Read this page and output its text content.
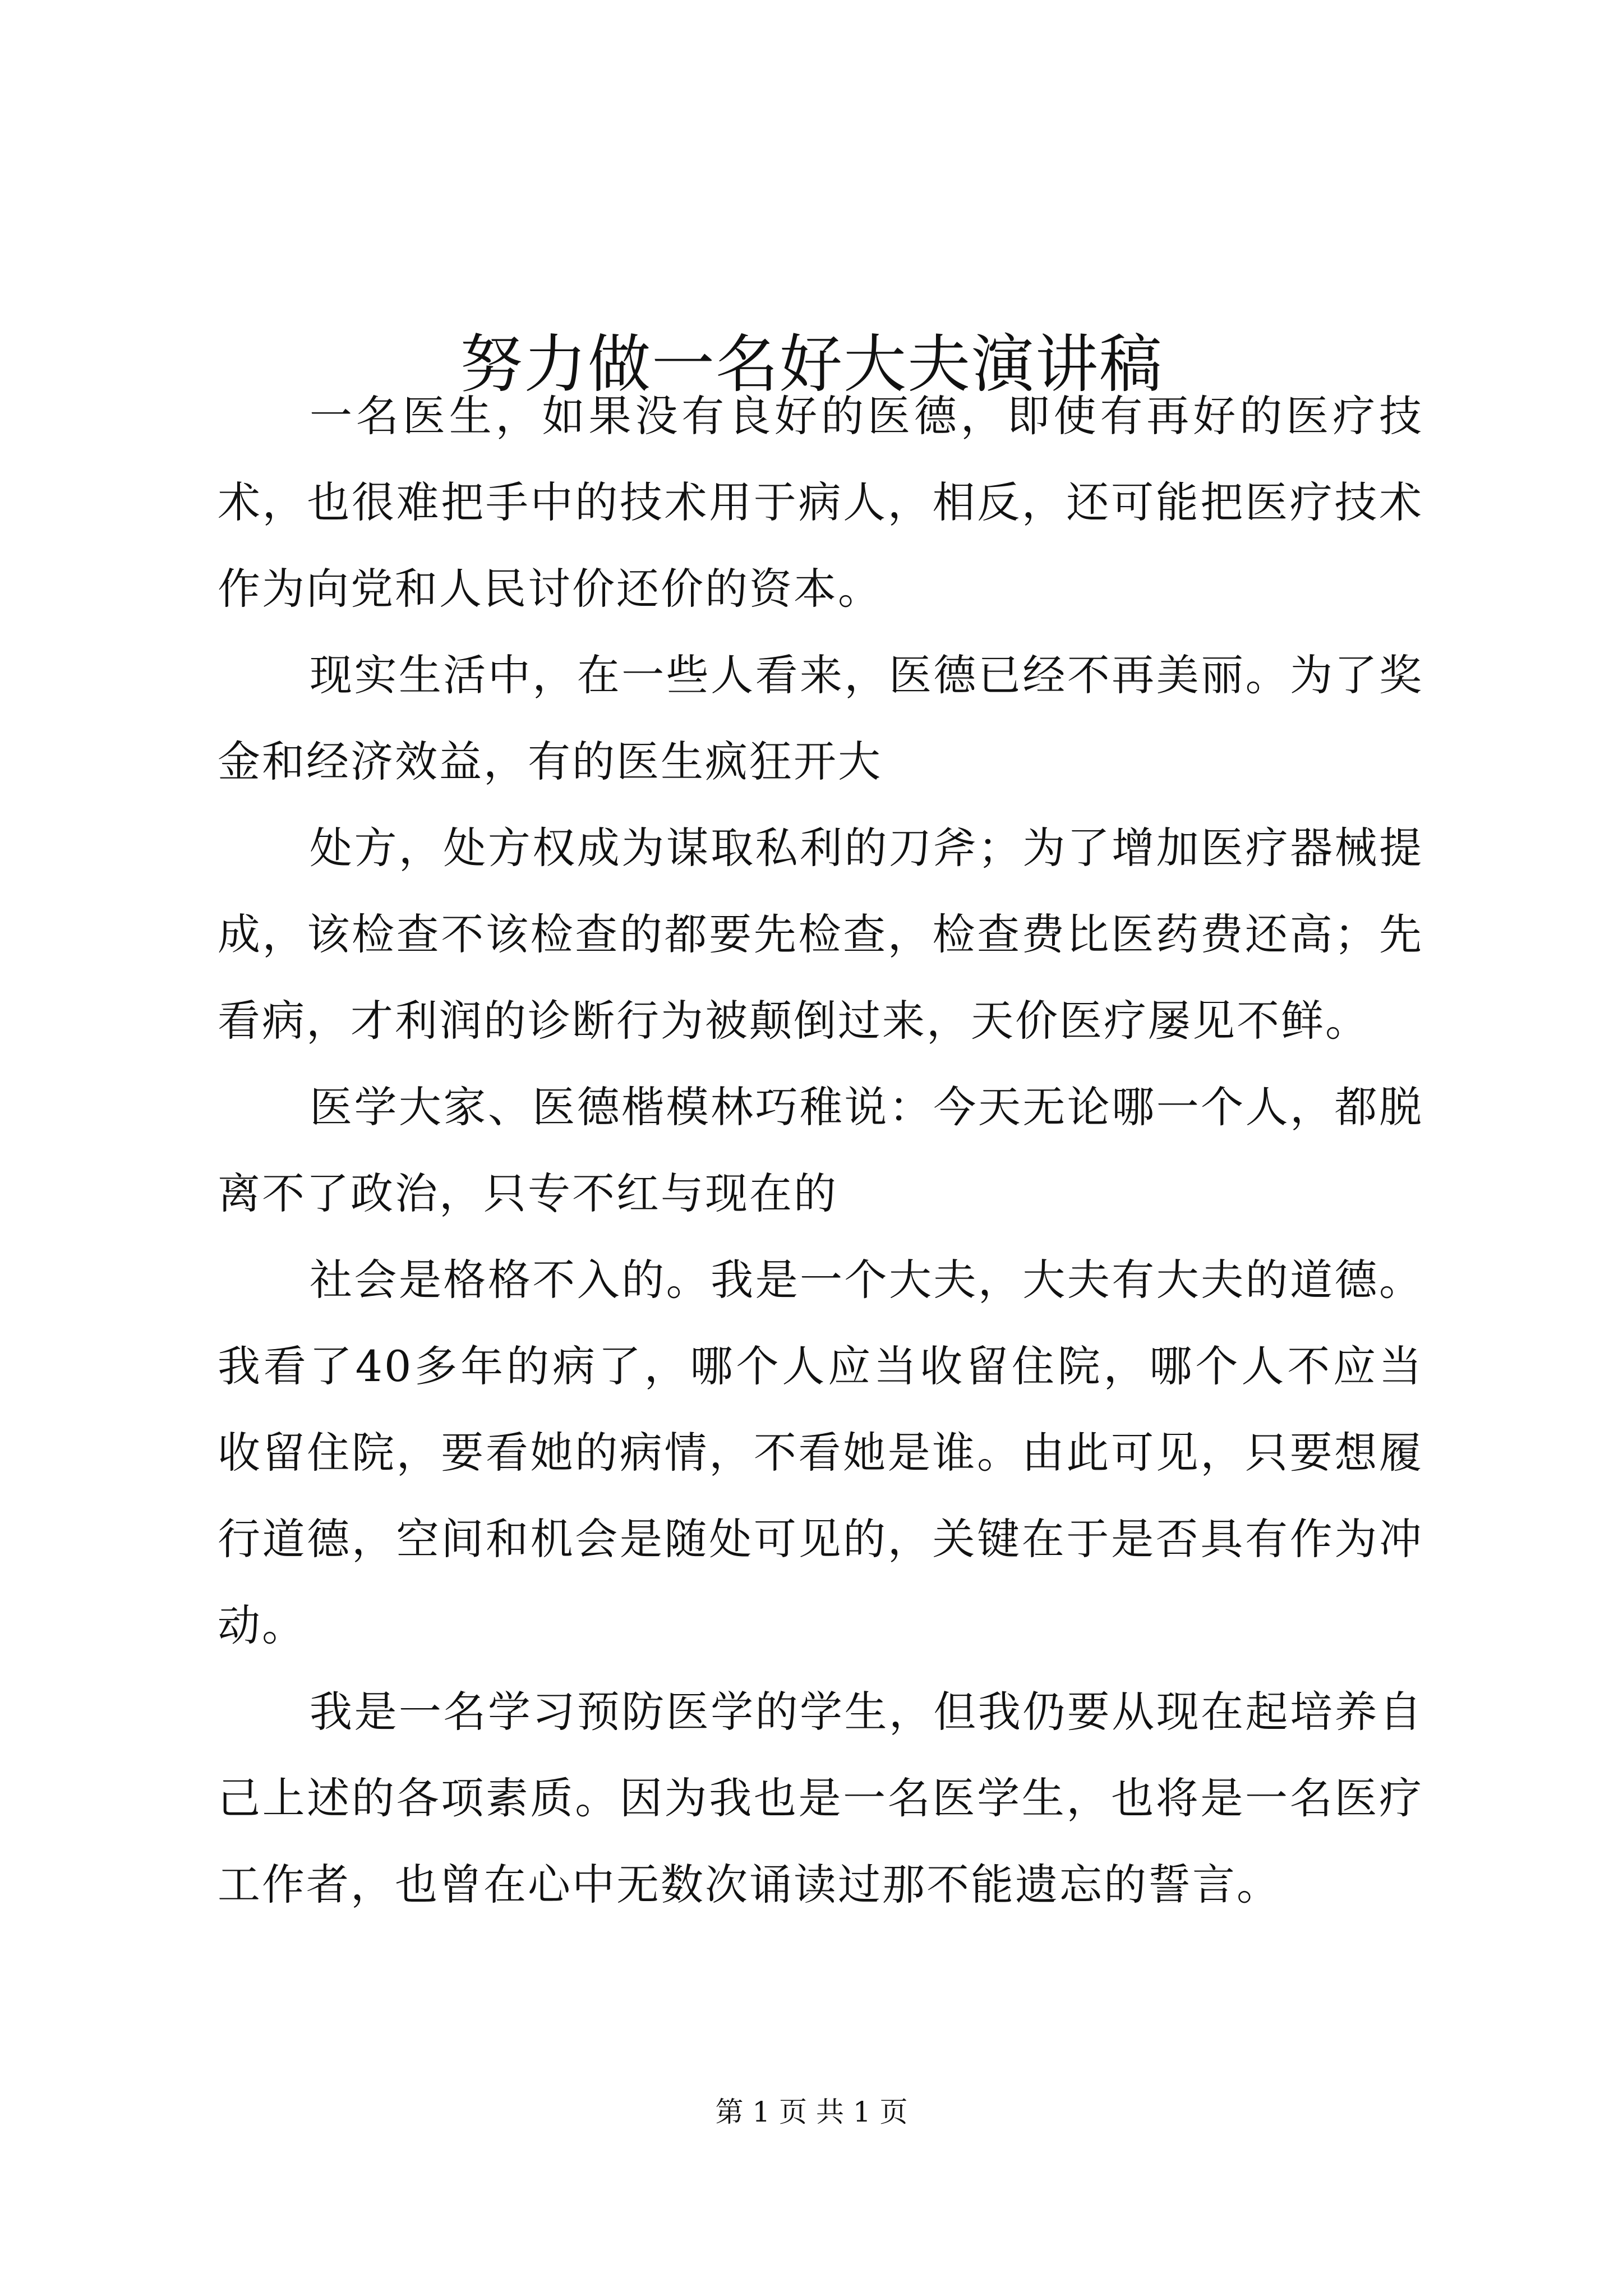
努力做一名好大夫演讲稿

一名医生，如果没有良好的医德，即使有再好的医疗技术，也很难把手中的技术用于病人，相反，还可能把医疗技术作为向党和人民讨价还价的资本。

现实生活中，在一些人看来，医德已经不再美丽。为了奖金和经济效益，有的医生疯狂开大

处方，处方权成为谋取私利的刀斧；为了增加医疗器械提成，该检查不该检查的都要先检查，检查费比医药费还高；先看病，才利润的诊断行为被颠倒过来，天价医疗屡见不鲜。

医学大家、医德楷模林巧稚说：今天无论哪一个人，都脱离不了政治，只专不红与现在的

社会是格格不入的。我是一个大夫，大夫有大夫的道德。我看了40多年的病了，哪个人应当收留住院，哪个人不应当收留住院，要看她的病情，不看她是谁。由此可见，只要想履行道德，空间和机会是随处可见的，关键在于是否具有作为冲动。

我是一名学习预防医学的学生，但我仍要从现在起培养自己上述的各项素质。因为我也是一名医学生，也将是一名医疗工作者，也曾在心中无数次诵读过那不能遗忘的誓言。

第 1 页 共 1 页
